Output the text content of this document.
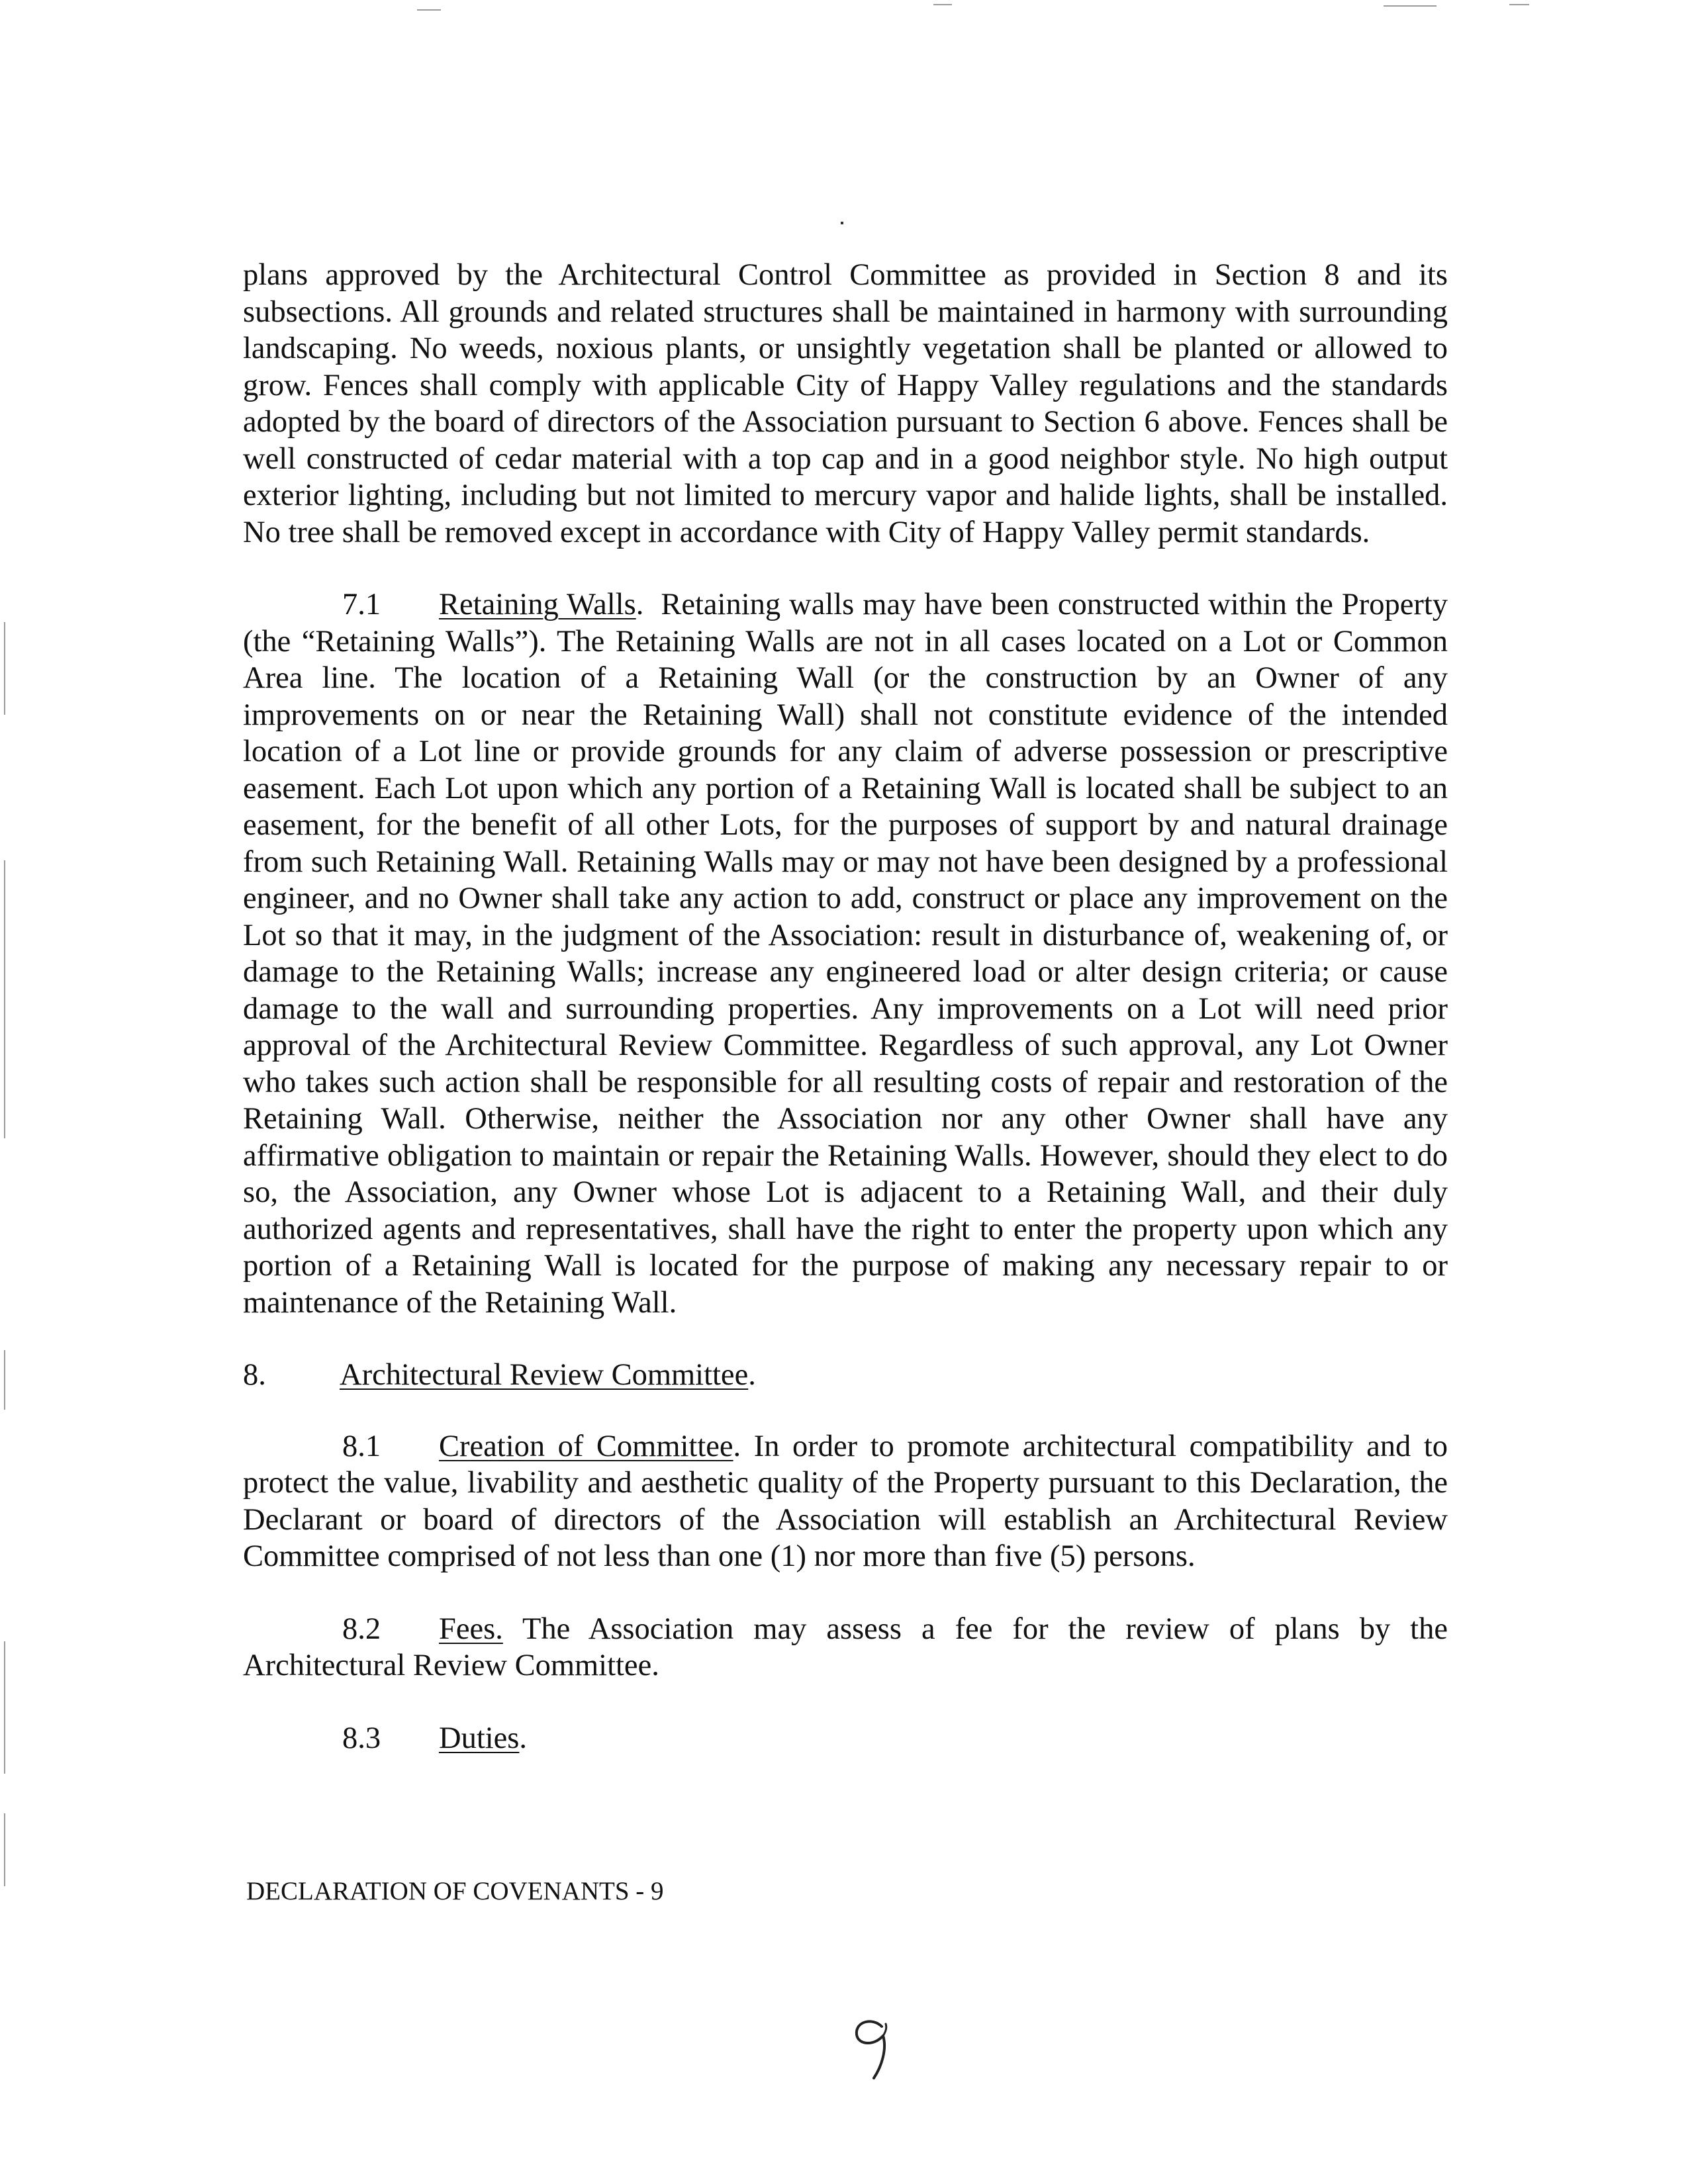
plans approved by the Architectural Control Committee as provided in Section 8 and its subsections. All grounds and related structures shall be maintained in harmony with surrounding landscaping. No weeds, noxious plants, or unsightly vegetation shall be planted or allowed to grow. Fences shall comply with applicable City of Happy Valley regulations and the standards adopted by the board of directors of the Association pursuant to Section 6 above. Fences shall be well constructed of cedar material with a top cap and in a good neighbor style. No high output exterior lighting, including but not limited to mercury vapor and halide lights, shall be installed. No tree shall be removed except in accordance with City of Happy Valley permit standards.

7.1 Retaining Walls. Retaining walls may have been constructed within the Property (the “Retaining Walls”). The Retaining Walls are not in all cases located on a Lot or Common Area line. The location of a Retaining Wall (or the construction by an Owner of any improvements on or near the Retaining Wall) shall not constitute evidence of the intended location of a Lot line or provide grounds for any claim of adverse possession or prescriptive easement. Each Lot upon which any portion of a Retaining Wall is located shall be subject to an easement, for the benefit of all other Lots, for the purposes of support by and natural drainage from such Retaining Wall. Retaining Walls may or may not have been designed by a professional engineer, and no Owner shall take any action to add, construct or place any improvement on the Lot so that it may, in the judgment of the Association: result in disturbance of, weakening of, or damage to the Retaining Walls; increase any engineered load or alter design criteria; or cause damage to the wall and surrounding properties. Any improvements on a Lot will need prior approval of the Architectural Review Committee. Regardless of such approval, any Lot Owner who takes such action shall be responsible for all resulting costs of repair and restoration of the Retaining Wall. Otherwise, neither the Association nor any other Owner shall have any affirmative obligation to maintain or repair the Retaining Walls. However, should they elect to do so, the Association, any Owner whose Lot is adjacent to a Retaining Wall, and their duly authorized agents and representatives, shall have the right to enter the property upon which any portion of a Retaining Wall is located for the purpose of making any necessary repair to or maintenance of the Retaining Wall.

8. Architectural Review Committee.

8.1 Creation of Committee. In order to promote architectural compatibility and to protect the value, livability and aesthetic quality of the Property pursuant to this Declaration, the Declarant or board of directors of the Association will establish an Architectural Review Committee comprised of not less than one (1) nor more than five (5) persons.

8.2 Fees. The Association may assess a fee for the review of plans by the Architectural Review Committee.

8.3 Duties.

DECLARATION OF COVENANTS - 9
